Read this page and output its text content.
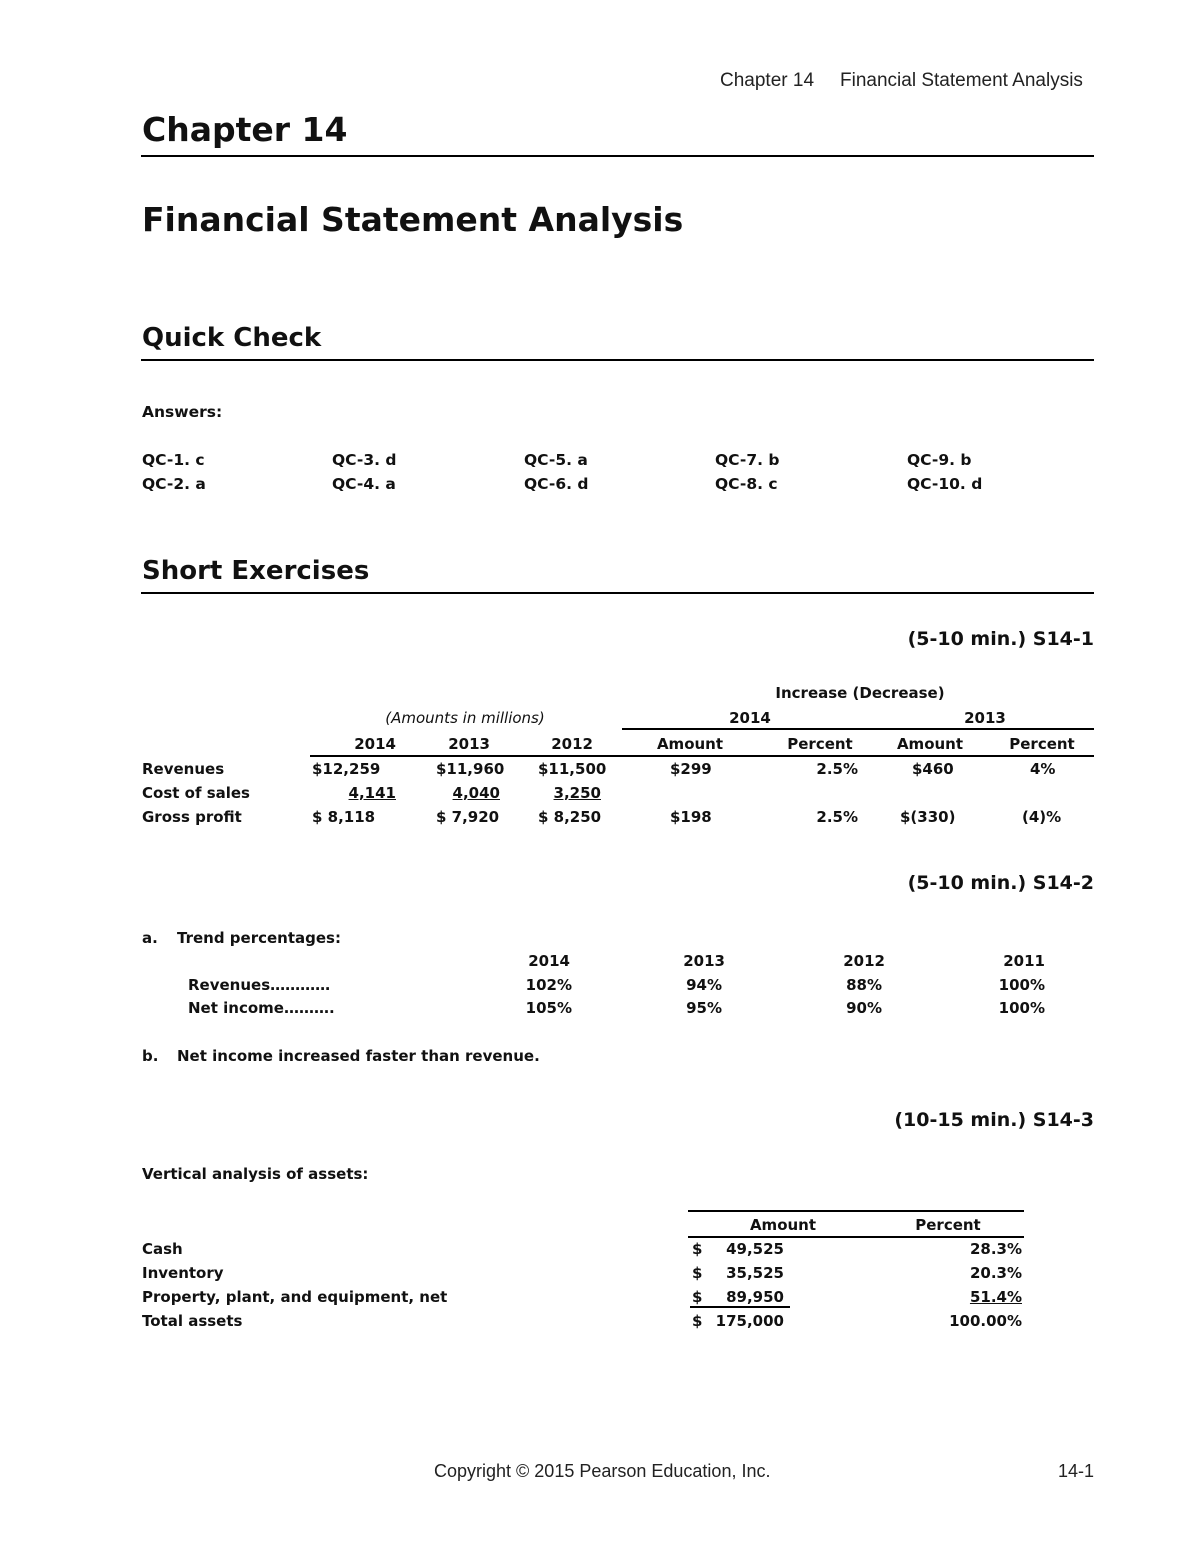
Chapter 14 Financial Statement Analysis
Chapter 14
Financial Statement Analysis
Quick Check
Answers:
QC-1. c	QC-3. d	QC-5. a	QC-7. b	QC-9. b
QC-2. a	QC-4. a	QC-6. d	QC-8. c	QC-10. d
Short Exercises
(5-10 min.) S14-1
Increase (Decrease)
(Amounts in millions)	2014	2013
2014	2013	2012	Amount	Percent	Amount	Percent
Revenues	$12,259	$11,960 $11,500	$299	2.5%	$460	4%
Cost of sales	4,141	4,040	3,250
Gross profit	$ 8,118	$ 7,920	$ 8,250	$198	2.5%	$(330)	(4)%
(5-10 min.) S14-2
a. Trend percentages:
2014	2013	2012	2011
Revenues…………	102%	94%	88%	100%
Net income……….	105%	95%	90%	100%
b. Net income increased faster than revenue.
(10-15 min.) S14-3
Vertical analysis of assets:
Amount	Percent
Cash	$	49,525	28.3%
Inventory	$	35,525	20.3%
Property, plant, and equipment, net	$	89,950	51.4%
Total assets	$ 175,000	100.00%
Copyright © 2015 Pearson Education, Inc.	14-1
